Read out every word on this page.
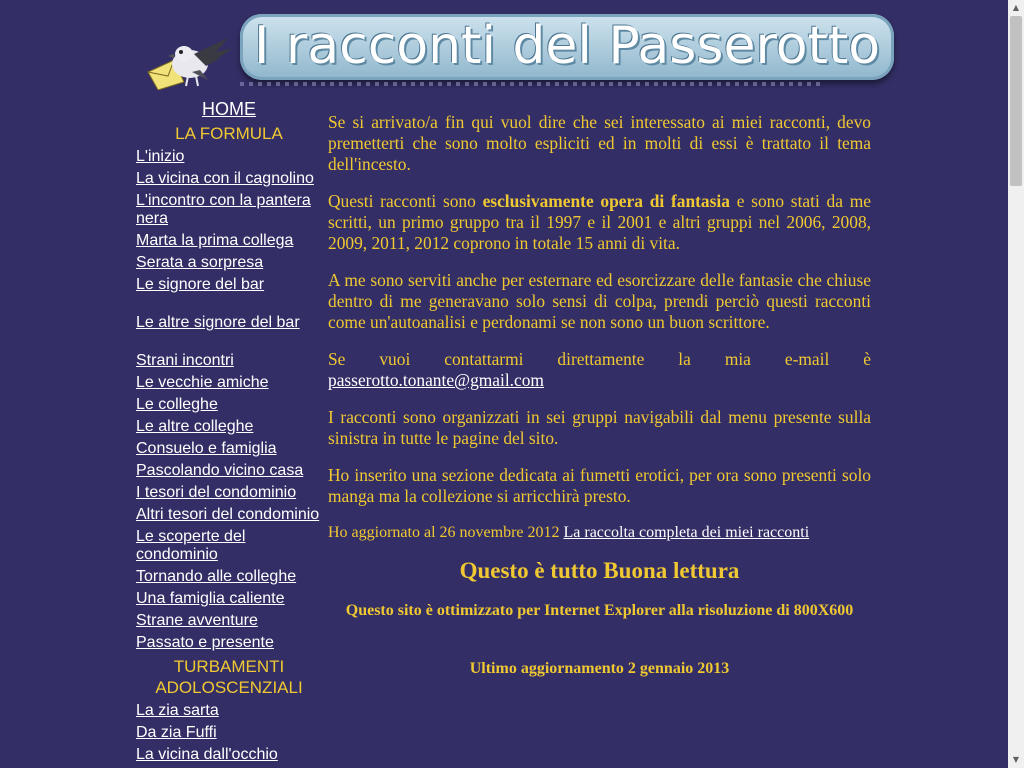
I racconti del Passerotto
HOME
LA FORMULA
L'inizio
La vicina con il cagnolino
L'incontro con la pantera nera
Marta la prima collega
Serata a sorpresa
Le signore del bar
Le altre signore del bar
Strani incontri
Le vecchie amiche
Le colleghe
Le altre colleghe
Consuelo e famiglia
Pascolando vicino casa
I tesori del condominio
Altri tesori del condominio
Le scoperte del condominio
Tornando alle colleghe
Una famiglia caliente
Strane avventure
Passato e presente
TURBAMENTI ADOLOSCENZIALI
La zia sarta
Da zia Fuffi
La vicina dall'occhio

Se si arrivato/a fin qui vuol dire che sei interessato ai miei racconti, devo premetterti che sono molto espliciti ed in molti di essi è trattato il tema dell'incesto.

Questi racconti sono esclusivamente opera di fantasia e sono stati da me scritti, un primo gruppo tra il 1997 e il 2001 e altri gruppi nel 2006, 2008, 2009, 2011, 2012 coprono in totale 15 anni di vita.

A me sono serviti anche per esternare ed esorcizzare delle fantasie che chiuse dentro di me generavano solo sensi di colpa, prendi perciò questi racconti come un'autoanalisi e perdonami se non sono un buon scrittore.

Se vuoi contattarmi direttamente la mia e-mail è
passerotto.tonante@gmail.com

I racconti sono organizzati in sei gruppi navigabili dal menu presente sulla sinistra in tutte le pagine del sito.

Ho inserito una sezione dedicata ai fumetti erotici, per ora sono presenti solo manga ma la collezione si arricchirà presto.

Ho aggiornato al 26 novembre 2012 La raccolta completa dei miei racconti

Questo è tutto Buona lettura

Questo sito è ottimizzato per Internet Explorer alla risoluzione di 800X600

Ultimo aggiornamento 2 gennaio 2013

▲
▼
